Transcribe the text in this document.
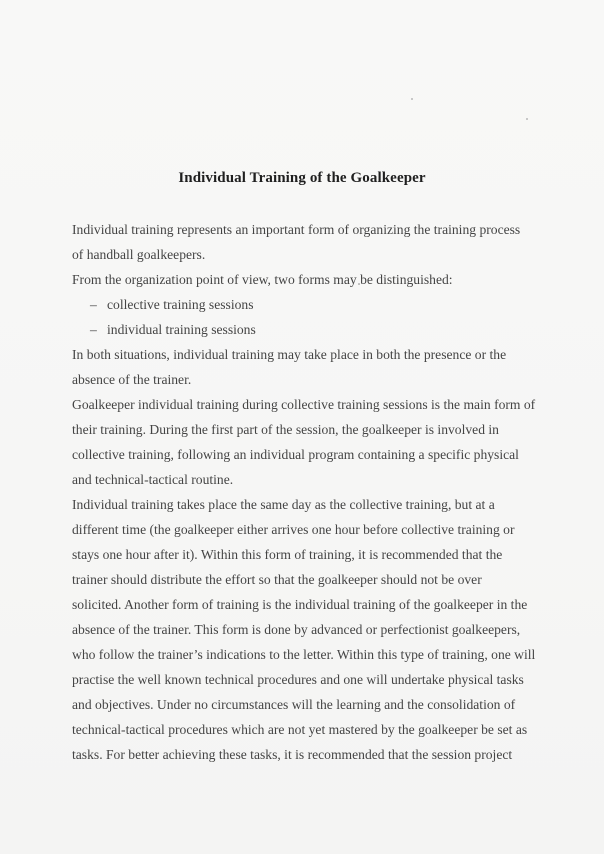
Individual Training of the Goalkeeper
Individual training represents an important form of organizing the training process
of handball goalkeepers.
From the organization point of view, two forms may be distinguished:
– collective training sessions
– individual training sessions
In both situations, individual training may take place in both the presence or the
absence of the trainer.
Goalkeeper individual training during collective training sessions is the main form of
their training. During the first part of the session, the goalkeeper is involved in
collective training, following an individual program containing a specific physical
and technical-tactical routine.
Individual training takes place the same day as the collective training, but at a
different time (the goalkeeper either arrives one hour before collective training or
stays one hour after it). Within this form of training, it is recommended that the
trainer should distribute the effort so that the goalkeeper should not be over
solicited. Another form of training is the individual training of the goalkeeper in the
absence of the trainer. This form is done by advanced or perfectionist goalkeepers,
who follow the trainer’s indications to the letter. Within this type of training, one will
practise the well known technical procedures and one will undertake physical tasks
and objectives. Under no circumstances will the learning and the consolidation of
technical-tactical procedures which are not yet mastered by the goalkeeper be set as
tasks. For better achieving these tasks, it is recommended that the session project
